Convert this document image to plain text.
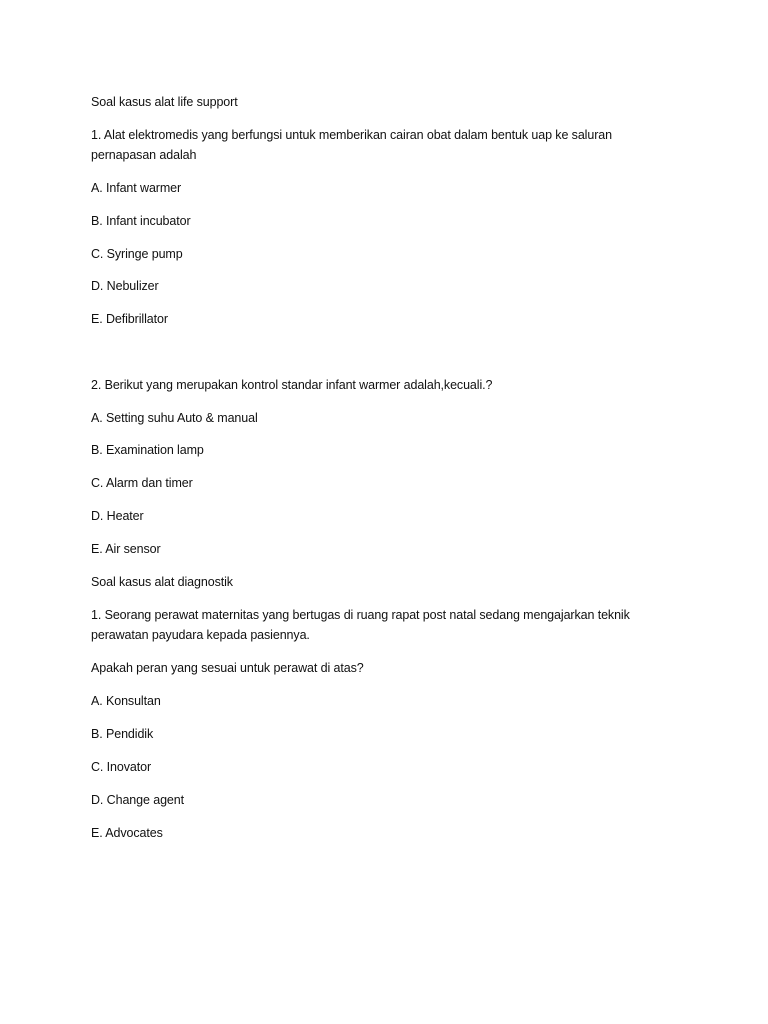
Soal kasus alat life support
1. Alat elektromedis yang berfungsi untuk memberikan cairan obat dalam bentuk uap ke saluran
pernapasan adalah
A. Infant warmer
B. Infant incubator
C. Syringe pump
D. Nebulizer
E. Defibrillator
2. Berikut yang merupakan kontrol standar infant warmer adalah,kecuali.?
A. Setting suhu Auto & manual
B. Examination lamp
C. Alarm dan timer
D. Heater
E. Air sensor
Soal kasus alat diagnostik
1. Seorang perawat maternitas yang bertugas di ruang rapat post natal sedang mengajarkan teknik
perawatan payudara kepada pasiennya.
Apakah peran yang sesuai untuk perawat di atas?
A. Konsultan
B. Pendidik
C. Inovator
D. Change agent
E. Advocates
